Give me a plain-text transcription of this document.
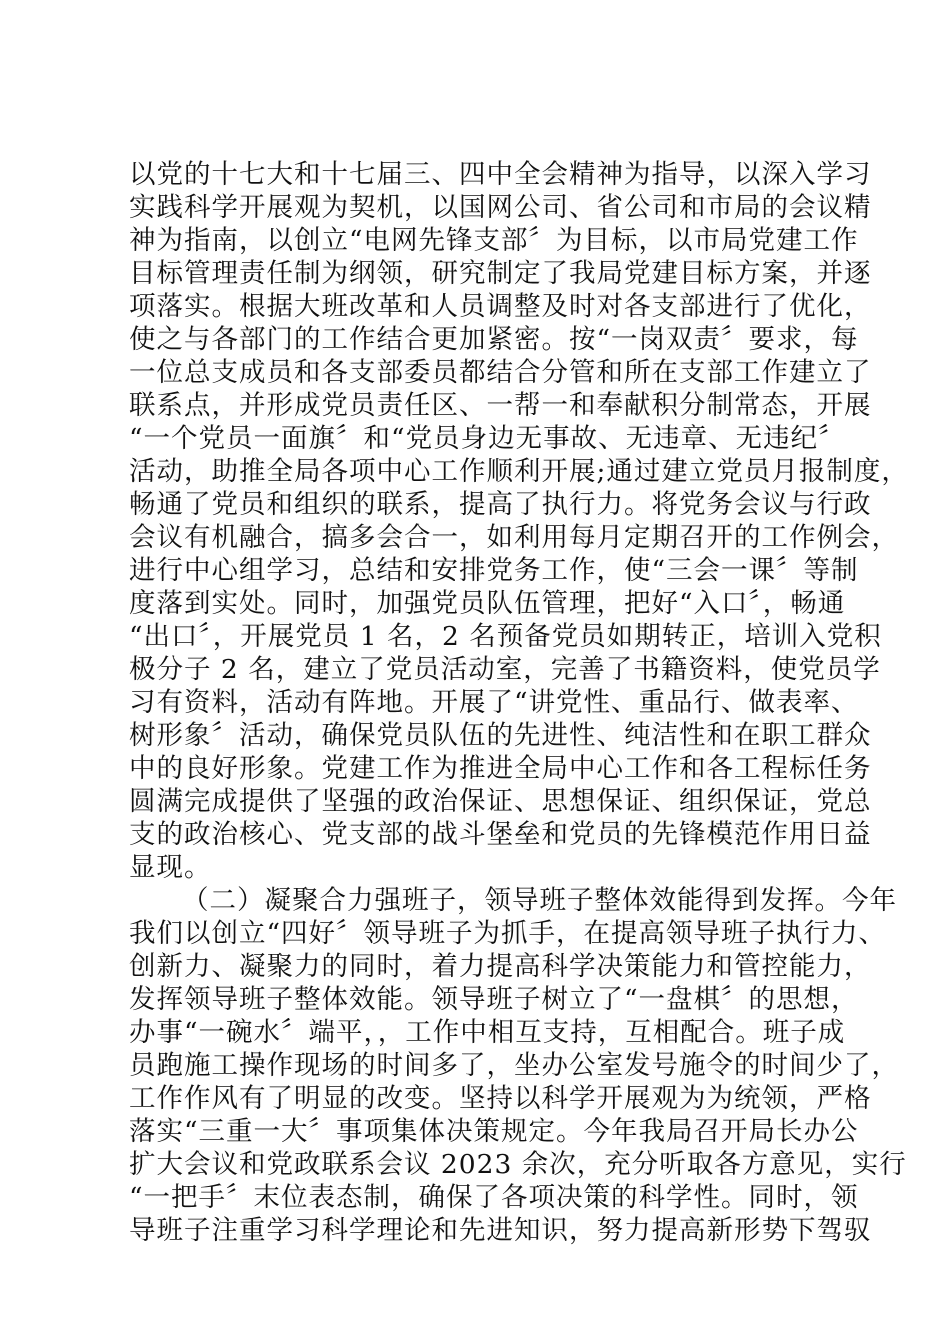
以党的十七大和十七届三、四中全会精神为指导，以深入学习
实践科学开展观为契机，以国网公司、省公司和市局的会议精
神为指南，以创立“电网先锋支部〞为目标，以市局党建工作
目标管理责任制为纲领，研究制定了我局党建目标方案，并逐
项落实。根据大班改革和人员调整及时对各支部进行了优化，
使之与各部门的工作结合更加紧密。按“一岗双责〞要求，每
一位总支成员和各支部委员都结合分管和所在支部工作建立了
联系点，并形成党员责任区、一帮一和奉献积分制常态，开展
“一个党员一面旗〞和“党员身边无事故、无违章、无违纪〞
活动，助推全局各项中心工作顺利开展;通过建立党员月报制度，
畅通了党员和组织的联系，提高了执行力。将党务会议与行政
会议有机融合，搞多会合一，如利用每月定期召开的工作例会，
进行中心组学习，总结和安排党务工作，使“三会一课〞等制
度落到实处。同时，加强党员队伍管理，把好“入口〞，畅通
“出口〞，开展党员 1 名，2 名预备党员如期转正，培训入党积
极分子 2 名，建立了党员活动室，完善了书籍资料，使党员学
习有资料，活动有阵地。开展了“讲党性、重品行、做表率、
树形象〞活动，确保党员队伍的先进性、纯洁性和在职工群众
中的良好形象。党建工作为推进全局中心工作和各工程标任务
圆满完成提供了坚强的政治保证、思想保证、组织保证，党总
支的政治核心、党支部的战斗堡垒和党员的先锋模范作用日益
显现。
（二）凝聚合力强班子，领导班子整体效能得到发挥。今年
我们以创立“四好〞领导班子为抓手，在提高领导班子执行力、
创新力、凝聚力的同时，着力提高科学决策能力和管控能力，
发挥领导班子整体效能。领导班子树立了“一盘棋〞的思想，
办事“一碗水〞端平，，工作中相互支持，互相配合。班子成
员跑施工操作现场的时间多了，坐办公室发号施令的时间少了，
工作作风有了明显的改变。坚持以科学开展观为为统领，严格
落实“三重一大〞事项集体决策规定。今年我局召开局长办公
扩大会议和党政联系会议 2023 余次，充分听取各方意见，实行
“一把手〞末位表态制，确保了各项决策的科学性。同时，领
导班子注重学习科学理论和先进知识，努力提高新形势下驾驭
